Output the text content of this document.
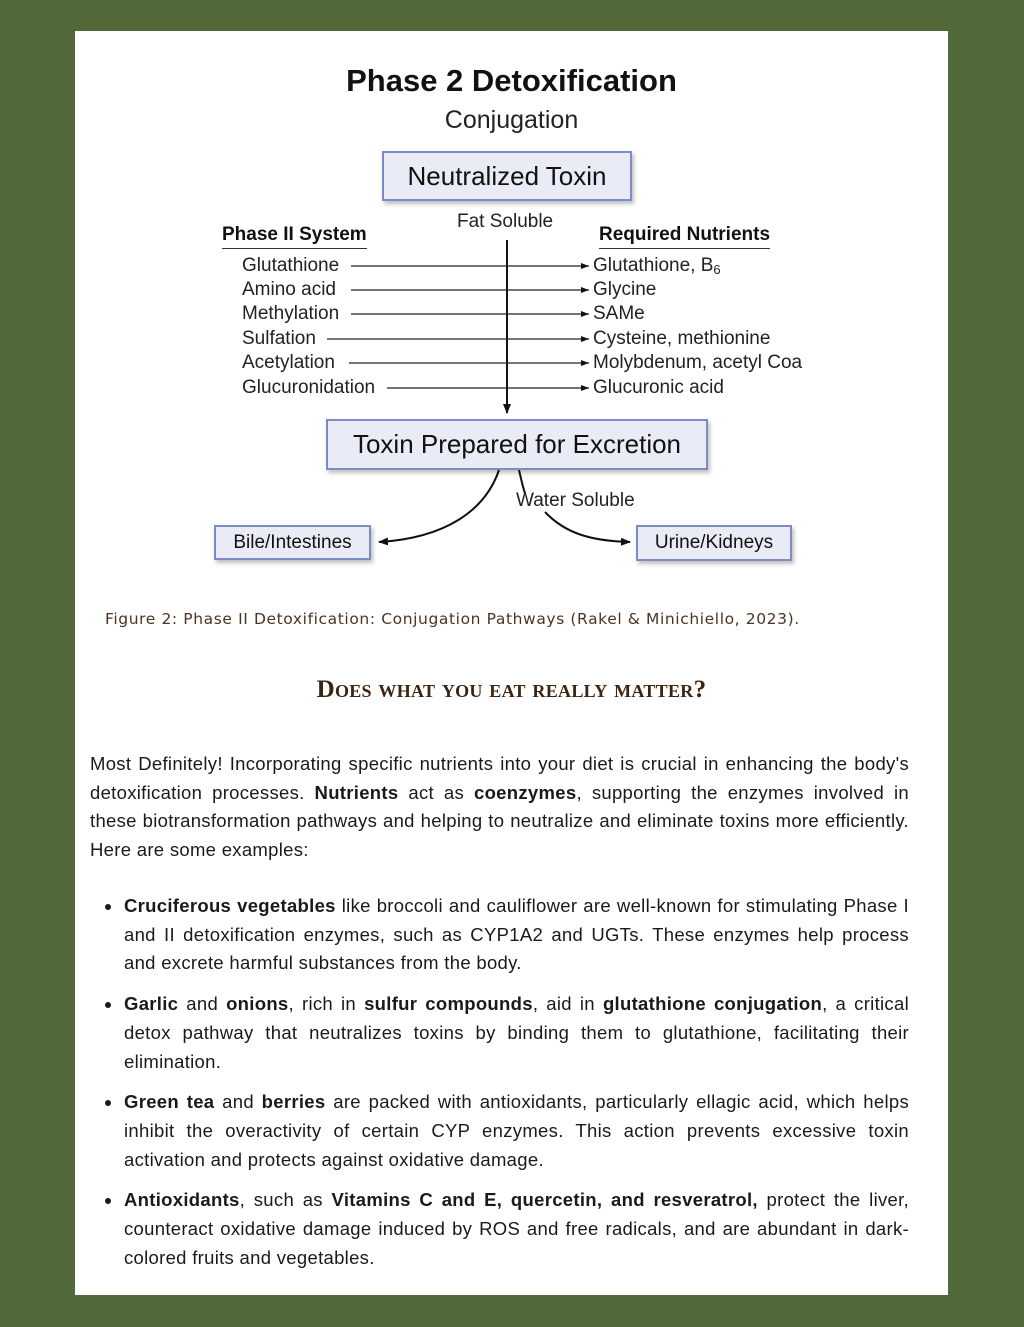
Phase 2 Detoxification
Conjugation
Neutralized Toxin
Fat Soluble
Phase II System	Required Nutrients
Glutathione
Amino acid
Methylation
Sulfation
Acetylation
Glucuronidation
Glutathione, $B_6$
Glycine
SAMe
Cysteine, methionine
Molybdenum, acetyl Coa
Glucuronic acid
Toxin Prepared for Excretion
Water Soluble
Bile/Intestines	Urine/Kidneys
Figure 2: Phase II Detoxification: Conjugation Pathways (Rakel & Minichiello, 2023).
Does what you eat really matter?

Most Definitely! Incorporating specific nutrients into your diet is crucial in enhancing the body's detoxification processes. Nutrients act as coenzymes, supporting the enzymes involved in these biotransformation pathways and helping to neutralize and eliminate toxins more efficiently. Here are some examples:

Cruciferous vegetables like broccoli and cauliflower are well-known for stimulating Phase I and II detoxification enzymes, such as CYP1A2 and UGTs. These enzymes help process and excrete harmful substances from the body.
Garlic and onions, rich in sulfur compounds, aid in glutathione conjugation, a critical detox pathway that neutralizes toxins by binding them to glutathione, facilitating their elimination.
Green tea and berries are packed with antioxidants, particularly ellagic acid, which helps inhibit the overactivity of certain CYP enzymes. This action prevents excessive toxin activation and protects against oxidative damage.
Antioxidants, such as Vitamins C and E, quercetin, and resveratrol, protect the liver, counteract oxidative damage induced by ROS and free radicals, and are abundant in dark-colored fruits and vegetables.
